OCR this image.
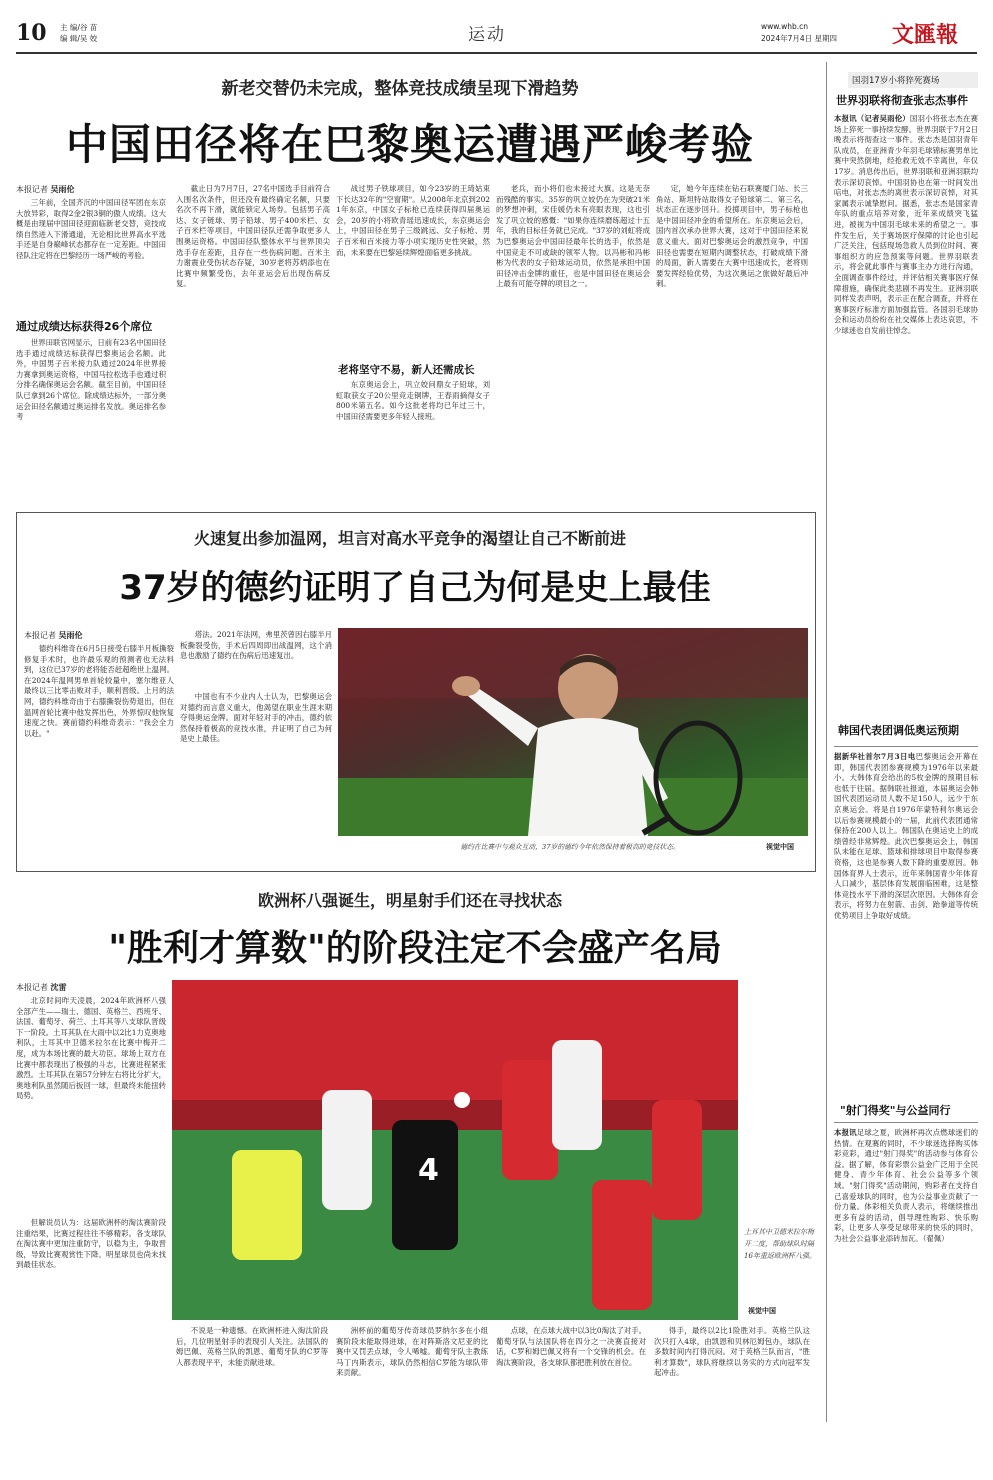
10 主 编/谷 苗
编 辑/吴 姣	运动	www.whb.cn
2024年7月4日 星期四 文匯報
新老交替仍未完成，整体竞技成绩呈现下滑趋势
中国田径将在巴黎奥运遭遇严峻考验
本报记者 吴雨伦
三年前，全国齐沉的中国田径军团在东京大放异彩，取得2金2银3铜的傲人成绩。这大概是由现届中国田径迎面临新老交替，竞技成绩自然进入下滑通道，无论相比世界高水平选手还是自身巅峰状态都存在一定差距。中国田径队注定将在巴黎经历一场严峻的考验。
通过成绩达标获得26个席位
世界田联官网显示，日前有23名中国田径选手通过成绩达标获得巴黎奥运会名额。此外，中国男子百米接力队通过2024年世界接力赛拿到奥运资格，中国马拉松选手也通过积分排名确保奥运会名额。截至目前，中国田径队已拿到26个席位。除成绩达标外，一部分奥运会田径名额通过奥运排名发放。奥运排名参考
截止日为7月7日，27名中国选手目前符合入围名次条件，但还没有最终确定名额，只要名次不再下滑，就能锁定入场券。包括男子高达、女子链球、男子铅球、男子400米栏、女子百米栏等项目，中国田径队还需争取更多人围奥运资格。中国田径队整体水平与世界顶尖选手存在差距，且存在一些伤病问题。百米主力谢震业受伤状态存疑，30岁老将苏炳添也在比赛中频繁受伤，去年亚运会后出现伤病反复。
战过男子铁球项目，如今23岁的王琦姑束下长达32年的"空窗期"。从2008年北京到2021年东京，中国女子标枪已连续获得四届奥运会，20岁的小将欧青瑶迅速成长，东京奥运会上，中国田径在男子三级跳远、女子标枪、男子百米和百米接力等小项实现历史性突破，然而，未来要在巴黎延续辉煌面临更多挑战。
老将坚守不易，新人还需成长
东京奥运会上，巩立姣问鼎女子铅球，刘虹取获女子20公里竞走铜牌，王春雨摘得女子800米第五名。如今这批老将均已年过三十，中国田径需要更多年轻人接班。
老兵，而小将们也未接过大旗。这是无奈而残酷的事实。35岁的巩立姣仍在为突破21米的梦想冲刺，宋佳媛仍未有亮眼表现，这也引发了巩立姣的感慨："如果你连续磨练超过十五年，我的目标任务就已完成。"37岁的刘虹将成为巴黎奥运会中国田径最年长的选手，依然是中国竞走不可或缺的领军人物。以冯彬和冯彬彬为代表的女子铅球运动员，依然是承担中国田径冲击金牌的重任，也是中国田径在奥运会上最有可能夺牌的项目之一。
定，她今年连续在钻石联赛厦门站、长三角站、斯坦特站取得女子铅球第二、第三名，状态正在逐步回升。投掷项目中，男子标枪也是中国田径冲金的希望所在。东京奥运会后，国内首次承办世界大赛，这对于中国田径来说意义重大。面对巴黎奥运会的激烈竞争，中国田径也需要在短期内调整状态，打破成绩下滑的局面，新人需要在大赛中迅速成长，老将则要发挥经验优势，为这次奥运之旅做好最后冲刺。
国羽17岁小将猝死赛场
世界羽联将彻查张志杰事件
本报讯（记者吴雨伦）国羽小将张志杰在赛场上猝死一事持续发酵。世界羽联于7月2日晚表示将彻查这一事件。张志杰是国羽青年队成员，在亚洲青少年羽毛球锦标赛男单比赛中突然倒地，经抢救无效不幸离世，年仅17岁。消息传出后，世界羽联和亚洲羽联均表示深切哀悼。中国羽协也在第一时间发出唁电，对张志杰的离世表示深切哀悼，对其家属表示诚挚慰问。据悉，张志杰是国家青年队的重点培养对象，近年来成绩突飞猛进，被视为中国羽毛球未来的希望之一。事件发生后，关于赛场医疗保障的讨论也引起广泛关注，包括现场急救人员到位时间、赛事组织方的应急预案等问题。世界羽联表示，将会就此事件与赛事主办方进行沟通，全面调查事件经过，并评估相关赛事医疗保障措施，确保此类悲剧不再发生。亚洲羽联同样发表声明，表示正在配合调查，并将在赛事医疗标准方面加强监管。各国羽毛球协会和运动员纷纷在社交媒体上表达哀思，不少球迷也自发前往悼念。
火速复出参加温网，坦言对高水平竞争的渴望让自己不断前进
37岁的德约证明了自己为何是史上最佳
本报记者 吴雨伦
德约科维奇在6月5日接受右膝半月板撕裂修复手术时，也许最乐观的预测者也无法料到，这位已37岁的老将能否赶超绝世上温网。在2024年温网男单首轮较量中，塞尔维亚人最终以三比零击败对手，顺利晋级。上月的法网，德约科维奇由于右膝撕裂伤势退出，但在温网首轮比赛中他发挥出色，外界惊叹他恢复速度之快。赛前德约科维奇表示："我会全力以赴。"
塔法。2021年法网，弗里茨曾因右膝半月板撕裂受伤，手术后四周即出战温网，这个消息也激励了德约在伤病后迅速复出。
中国也有不少业内人士认为，巴黎奥运会对德约而言意义重大，他渴望在职业生涯末期夺得奥运金牌。面对年轻对手的冲击，德约依然保持着极高的竞技水准，并证明了自己为何是史上最佳。
德约在比赛中与观众互动，37岁的德约今年依然保持着极高的竞技状态。	视觉中国
韩国代表团调低奥运预期
据新华社首尔7月3日电巴黎奥运会开幕在即，韩国代表团参赛规模为1976年以来最小。大韩体育会给出的5枚金牌的预期目标也低于往届。据韩联社报道，本届奥运会韩国代表团运动员人数不足150人，远少于东京奥运会。将是自1976年蒙特利尔奥运会以后参赛规模最小的一届，此前代表团通常保持在200人以上。韩国队在奥运史上的成绩曾经非常辉煌。此次巴黎奥运会上，韩国队未能在足球、篮球和排球项目中取得参赛资格，这也是参赛人数下降的重要原因。韩国体育界人士表示，近年来韩国青少年体育人口减少，基层体育发展面临困难，这是整体竞技水平下滑的深层次原因。大韩体育会表示，将努力在射箭、击剑、跆拳道等传统优势项目上争取好成绩。
"射门得奖"与公益同行
本报讯足球之夏，欧洲杯再次点燃球迷们的热情。在观赛的同时，不少球迷选择购买体彩竞彩，通过"射门得奖"的活动参与体育公益。据了解，体育彩票公益金广泛用于全民健身、青少年体育、社会公益等多个领域。"射门得奖"活动期间，购彩者在支持自己喜爱球队的同时，也为公益事业贡献了一份力量。体彩相关负责人表示，将继续推出更多有益的活动，倡导理性购彩、快乐购彩，让更多人享受足球带来的快乐的同时，为社会公益事业添砖加瓦。（翟佩）
欧洲杯八强诞生，明星射手们还在寻找状态
"胜利才算数"的阶段注定不会盛产名局
本报记者 沈雷
北京时间昨天凌晨，2024年欧洲杯八强全部产生——瑞士、德国、英格兰、西班牙、法国、葡萄牙、荷兰、土耳其等八支球队晋级下一阶段。土耳其队在大雨中以2比1力克奥地利队，土耳其中卫德米拉尔在比赛中梅开二度，成为本场比赛的最大功臣。球场上双方在比赛中都表现出了极强的斗志，比赛进程紧张激烈。土耳其队在第57分钟左右将比分扩大，奥地利队虽然随后扳回一球，但最终未能扭转局势。
但解说员认为：这届欧洲杯的淘汰赛阶段注重结果，比赛过程往往不够精彩。各支球队在淘汰赛中更加注重防守，以稳为主，争取晋级，导致比赛观赏性下降。明星球员也尚未找到最佳状态。
4
土耳其中卫德米拉尔梅开二度，帮助球队时隔16年重返欧洲杯八强。
视觉中国
不说是一种遗憾。在欧洲杯进入淘汰阶段后，几位明星射手的表现引人关注。法国队的姆巴佩、英格兰队的凯恩、葡萄牙队的C罗等人都表现平平，未能贡献进球。
洲杯前的葡萄牙传奇球员罗纳尔多在小组赛阶段未能取得进球，在对阵斯洛文尼亚的比赛中又罚丢点球，令人唏嘘。葡萄牙队主教练马丁内斯表示，球队仍然相信C罗能为球队带来贡献。
点球，在点球大战中以3比0淘汰了对手。葡萄牙队与法国队将在四分之一决赛直接对话，C罗和姆巴佩又将有一个交锋的机会。在淘汰赛阶段，各支球队都把胜利放在首位。
得手，最终以2比1险胜对手。英格兰队这次只打入4球，由凯恩和贝林厄姆包办，球队在多数时间内打得沉闷。对于英格兰队而言，"胜利才算数"，球队将继续以务实的方式向冠军发起冲击。
